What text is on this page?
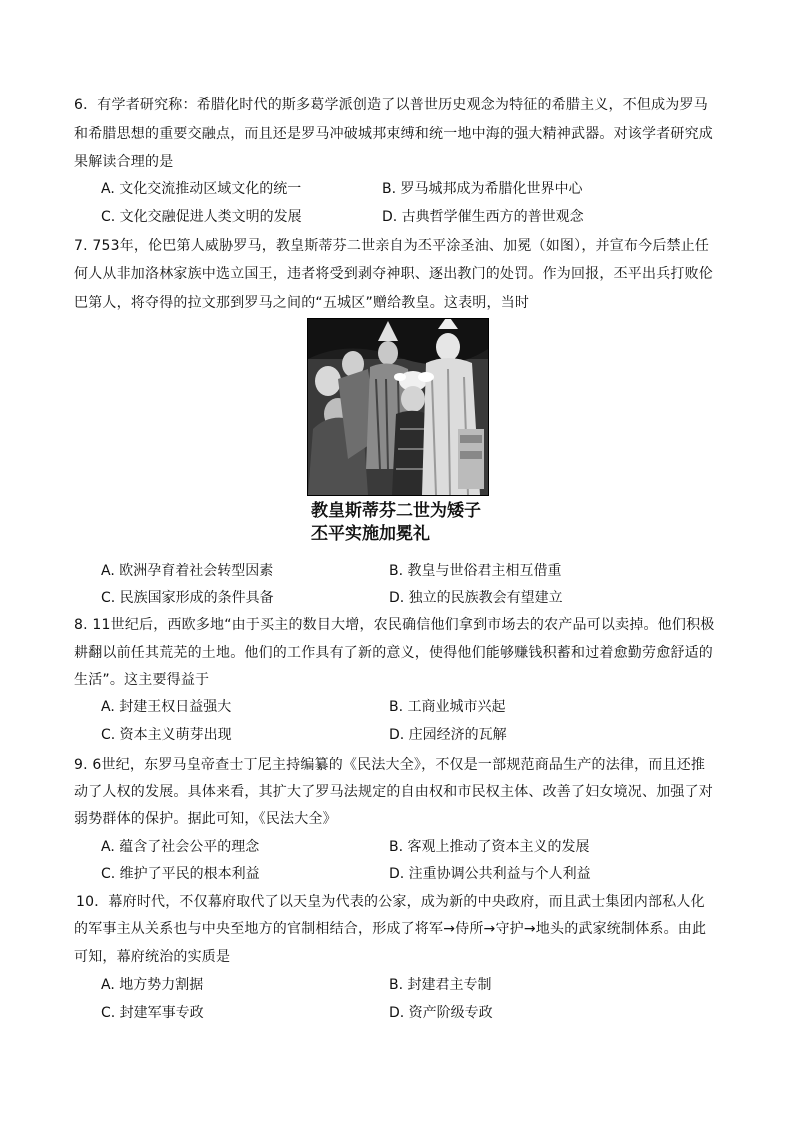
6．有学者研究称：希腊化时代的斯多葛学派创造了以普世历史观念为特征的希腊主义，不但成为罗马
和希腊思想的重要交融点，而且还是罗马冲破城邦束缚和统一地中海的强大精神武器。对该学者研究成
果解读合理的是
A. 文化交流推动区域文化的统一	B. 罗马城邦成为希腊化世界中心
C. 文化交融促进人类文明的发展	D. 古典哲学催生西方的普世观念
7. 753年，伦巴第人威胁罗马，教皇斯蒂芬二世亲自为丕平涂圣油、加冕（如图），并宣布今后禁止任
何人从非加洛林家族中选立国王，违者将受到剥夺神职、逐出教门的处罚。作为回报，丕平出兵打败伦
巴第人，将夺得的拉文那到罗马之间的“五城区”赠给教皇。这表明，当时
教皇斯蒂芬二世为矮子
丕平实施加冕礼
A. 欧洲孕育着社会转型因素	B. 教皇与世俗君主相互借重
C. 民族国家形成的条件具备	D. 独立的民族教会有望建立
8. 11世纪后，西欧多地“由于买主的数目大增，农民确信他们拿到市场去的农产品可以卖掉。他们积极
耕翻以前任其荒芜的土地。他们的工作具有了新的意义，使得他们能够赚钱积蓄和过着愈勤劳愈舒适的
生活”。这主要得益于
A. 封建王权日益强大	B. 工商业城市兴起
C. 资本主义萌芽出现	D. 庄园经济的瓦解
9. 6世纪，东罗马皇帝查士丁尼主持编纂的《民法大全》，不仅是一部规范商品生产的法律，而且还推
动了人权的发展。具体来看，其扩大了罗马法规定的自由权和市民权主体、改善了妇女境况、加强了对
弱势群体的保护。据此可知，《民法大全》
A. 蕴含了社会公平的理念	B. 客观上推动了资本主义的发展
C. 维护了平民的根本利益	D. 注重协调公共利益与个人利益
10．幕府时代，不仅幕府取代了以天皇为代表的公家，成为新的中央政府，而且武士集团内部私人化
的军事主从关系也与中央至地方的官制相结合，形成了将军→侍所→守护→地头的武家统制体系。由此
可知，幕府统治的实质是
A. 地方势力割据	B. 封建君主专制
C. 封建军事专政	D. 资产阶级专政
